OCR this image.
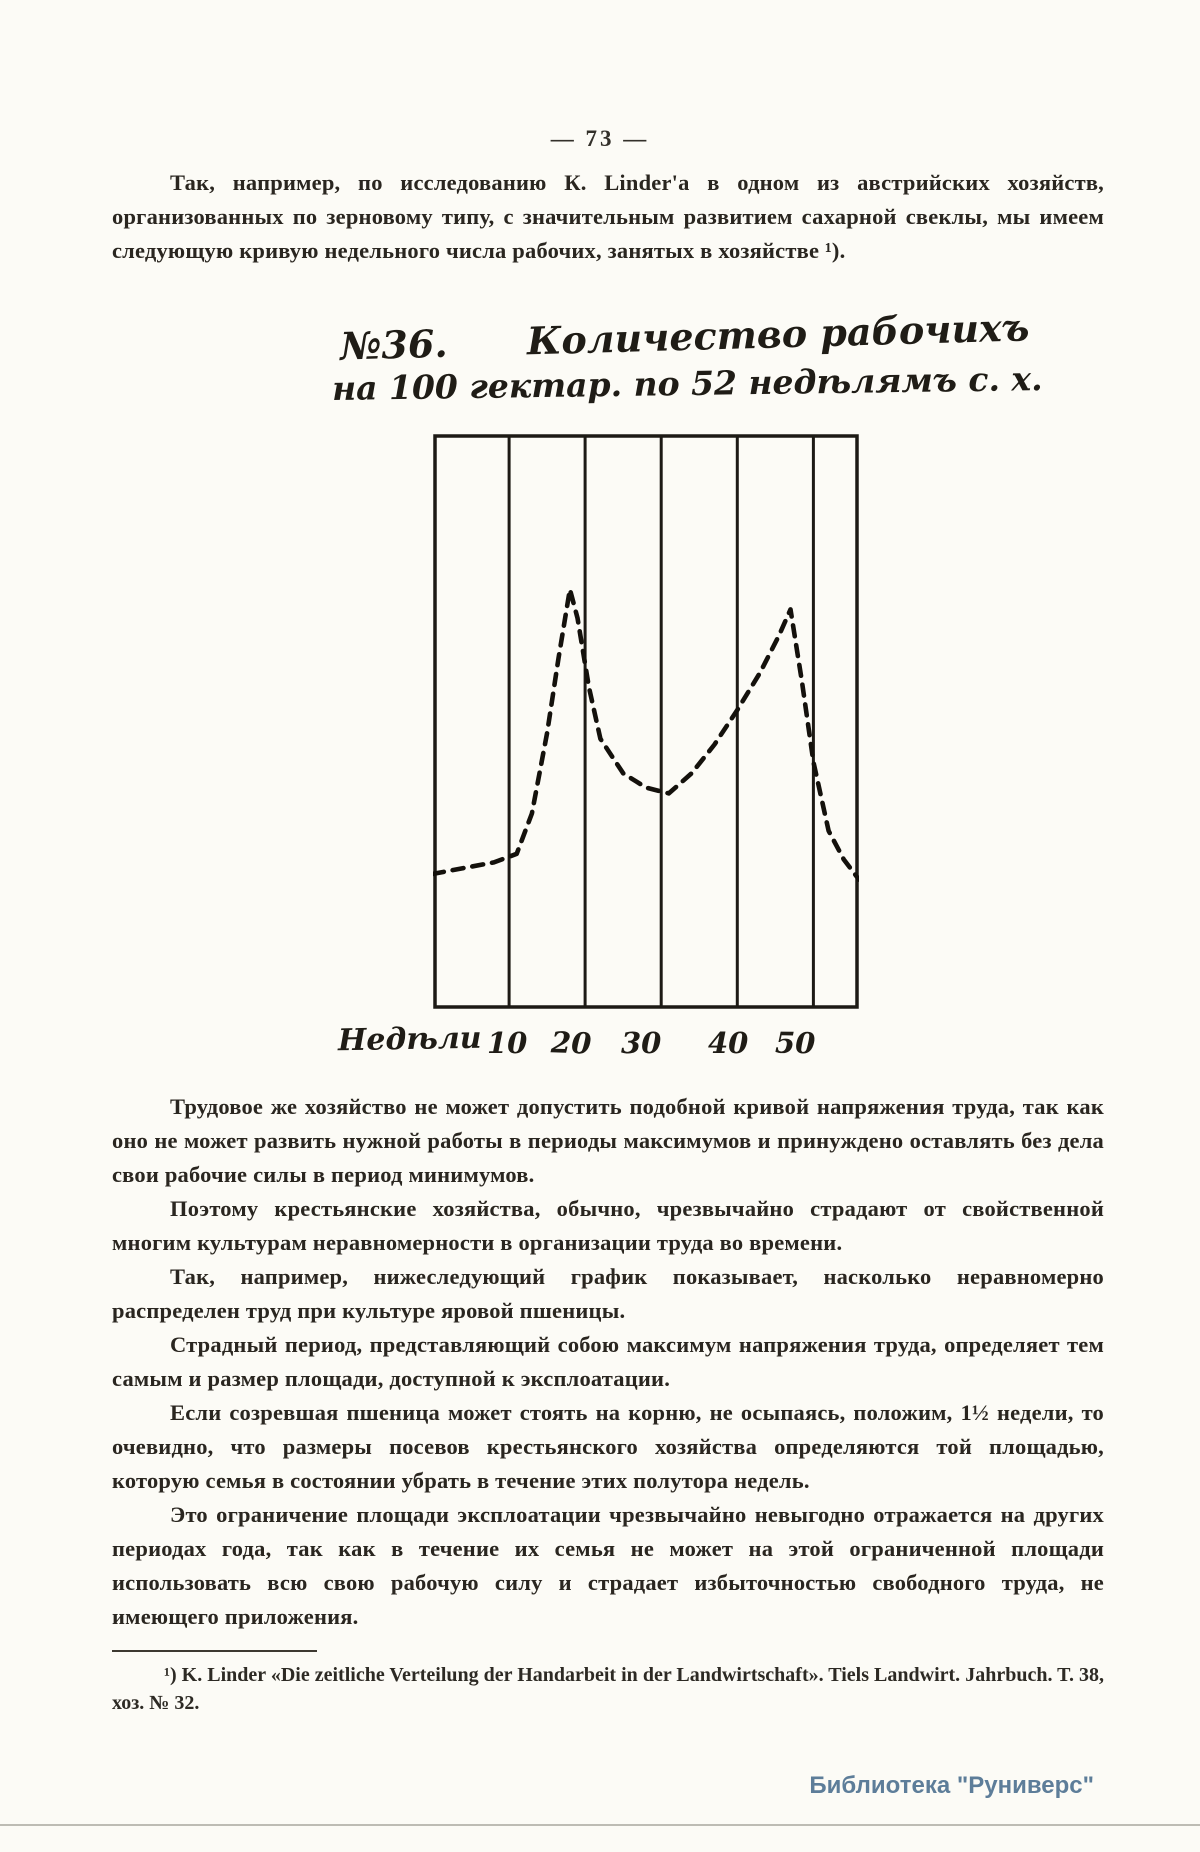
— 73 —

Так, например, по исследованию К. Linder'а в одном из австрийских хозяйств, организованных по зерновому типу, с значительным развитием сахарной свеклы, мы имеем следующую кривую недельного числа рабочих, занятых в хозяйстве ¹).

№36.      Количество рабочихъ
на 100 гектар. по 52 недѣлямъ с. х.
Недѣли 10 20 30 40 50

Трудовое же хозяйство не может допустить подобной кривой напряжения труда, так как оно не может развить нужной работы в периоды максимумов и принуждено оставлять без дела свои рабочие силы в период минимумов.

Поэтому крестьянские хозяйства, обычно, чрезвычайно страдают от свойственной многим культурам неравномерности в организации труда во времени.

Так, например, нижеследующий график показывает, насколько неравномерно распределен труд при культуре яровой пшеницы.

Страдный период, представляющий собою максимум напряжения труда, определяет тем самым и размер площади, доступной к эксплоатации.

Если созревшая пшеница может стоять на корню, не осыпаясь, положим, 1½ недели, то очевидно, что размеры посевов крестьянского хозяйства определяются той площадью, которую семья в состоянии убрать в течение этих полутора недель.

Это ограничение площади эксплоатации чрезвычайно невыгодно отражается на других периодах года, так как в течение их семья не может на этой ограниченной площади использовать всю свою рабочую силу и страдает избыточностью свободного труда, не имеющего приложения.

¹) K. Linder «Die zeitliche Verteilung der Handarbeit in der Landwirtschaft». Tiels Landwirt. Jahrbuch. T. 38, хоз. № 32.

Библиотека "Руниверс"
